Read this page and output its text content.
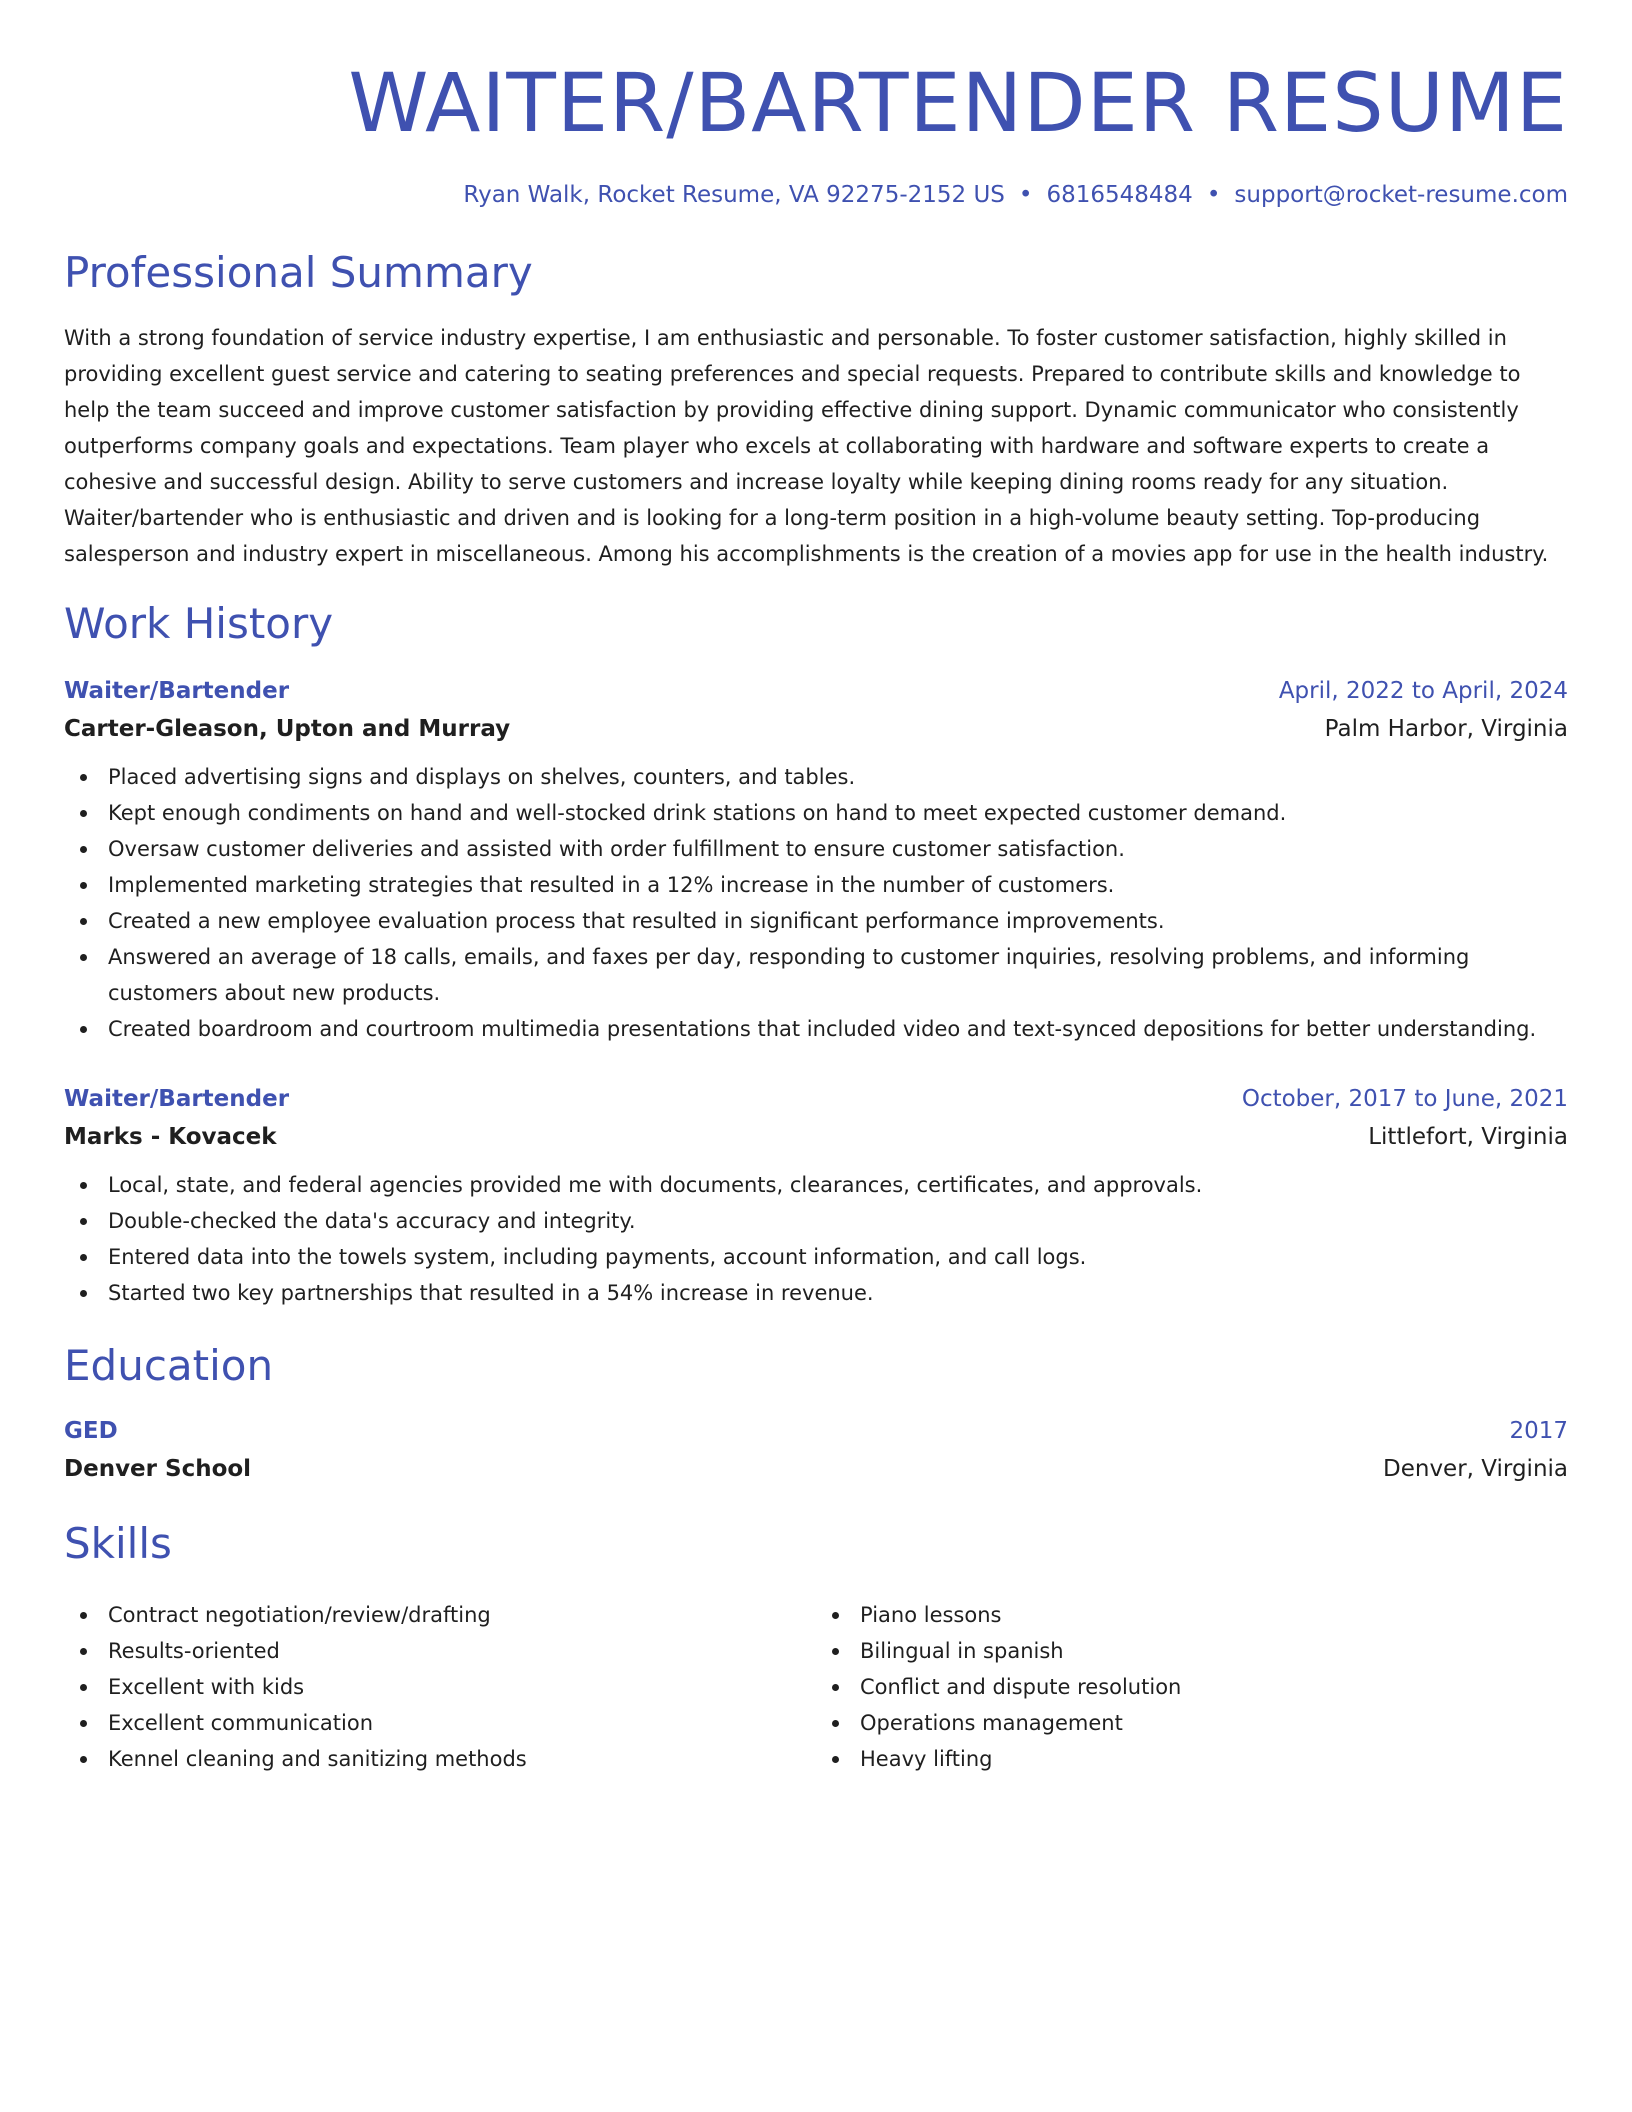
WAITER/BARTENDER RESUME
Ryan Walk, Rocket Resume, VA 92275-2152 US • 6816548484 • support@rocket-resume.com
Professional Summary

With a strong foundation of service industry expertise, I am enthusiastic and personable. To foster customer satisfaction, highly skilled in providing excellent guest service and catering to seating preferences and special requests. Prepared to contribute skills and knowledge to help the team succeed and improve customer satisfaction by providing effective dining support. Dynamic communicator who consistently outperforms company goals and expectations. Team player who excels at collaborating with hardware and software experts to create a cohesive and successful design. Ability to serve customers and increase loyalty while keeping dining rooms ready for any situation. Waiter/bartender who is enthusiastic and driven and is looking for a long-term position in a high-volume beauty setting. Top-producing salesperson and industry expert in miscellaneous. Among his accomplishments is the creation of a movies app for use in the health industry.

Work History
Waiter/Bartender	April, 2022 to April, 2024
Carter-Gleason, Upton and Murray	Palm Harbor, Virginia
Placed advertising signs and displays on shelves, counters, and tables.
Kept enough condiments on hand and well-stocked drink stations on hand to meet expected customer demand.
Oversaw customer deliveries and assisted with order fulfillment to ensure customer satisfaction.
Implemented marketing strategies that resulted in a 12% increase in the number of customers.
Created a new employee evaluation process that resulted in significant performance improvements.
Answered an average of 18 calls, emails, and faxes per day, responding to customer inquiries, resolving problems, and informing customers about new products.
Created boardroom and courtroom multimedia presentations that included video and text-synced depositions for better understanding.
Waiter/Bartender	October, 2017 to June, 2021
Marks - Kovacek	Littlefort, Virginia
Local, state, and federal agencies provided me with documents, clearances, certificates, and approvals.
Double-checked the data's accuracy and integrity.
Entered data into the towels system, including payments, account information, and call logs.
Started two key partnerships that resulted in a 54% increase in revenue.
Education
GED	2017
Denver School	Denver, Virginia
Skills
Contract negotiation/review/drafting
Results-oriented
Excellent with kids
Excellent communication
Kennel cleaning and sanitizing methods
Piano lessons
Bilingual in spanish
Conflict and dispute resolution
Operations management
Heavy lifting
